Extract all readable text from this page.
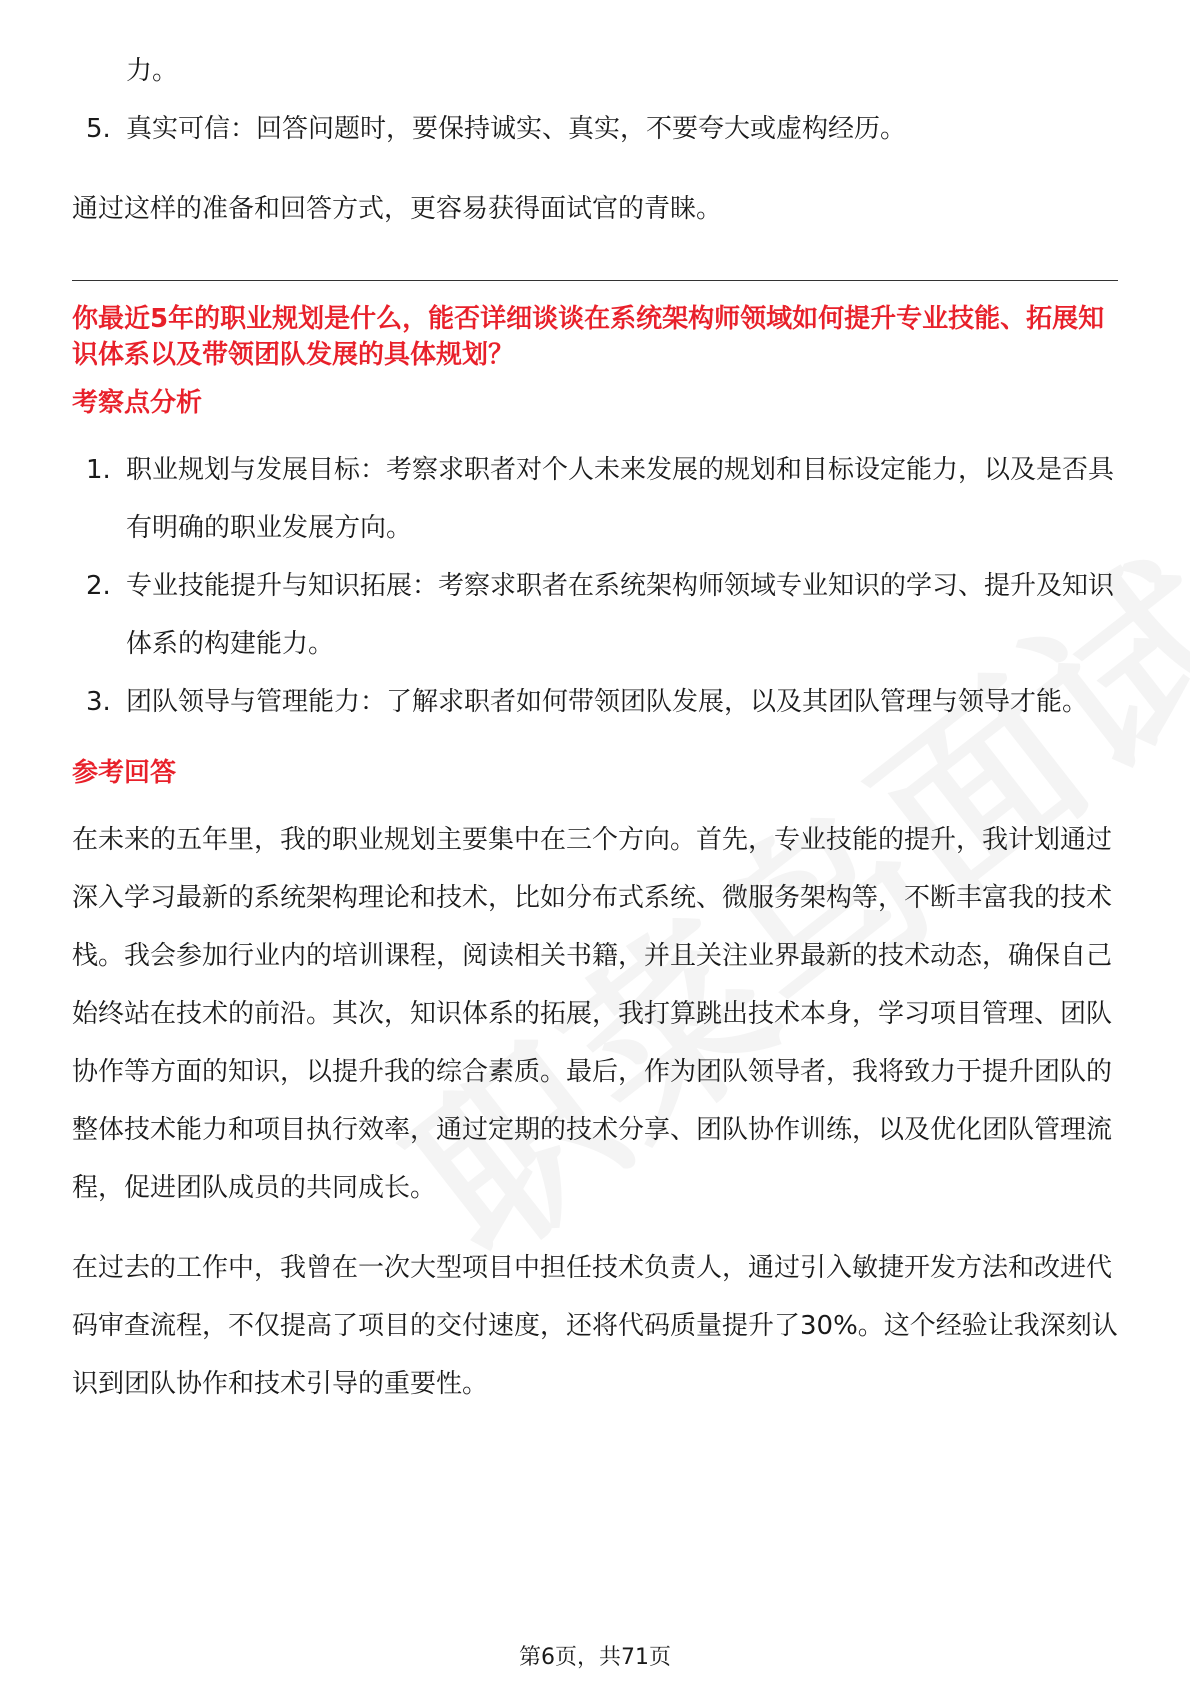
力。
5. 真实可信：回答问题时，要保持诚实、真实，不要夸大或虚构经历。

通过这样的准备和回答方式，更容易获得面试官的青睐。

你最近5年的职业规划是什么，能否详细谈谈在系统架构师领域如何提升专业技能、拓展知识体系以及带领团队发展的具体规划？

考察点分析
1. 职业规划与发展目标：考察求职者对个人未来发展的规划和目标设定能力，以及是否具有明确的职业发展方向。
2. 专业技能提升与知识拓展：考察求职者在系统架构师领域专业知识的学习、提升及知识体系的构建能力。
3. 团队领导与管理能力：了解求职者如何带领团队发展，以及其团队管理与领导才能。
参考回答

在未来的五年里，我的职业规划主要集中在三个方向。首先，专业技能的提升，我计划通过深入学习最新的系统架构理论和技术，比如分布式系统、微服务架构等，不断丰富我的技术栈。我会参加行业内的培训课程，阅读相关书籍，并且关注业界最新的技术动态，确保自己始终站在技术的前沿。其次，知识体系的拓展，我打算跳出技术本身，学习项目管理、团队协作等方面的知识，以提升我的综合素质。最后，作为团队领导者，我将致力于提升团队的整体技术能力和项目执行效率，通过定期的技术分享、团队协作训练，以及优化团队管理流程，促进团队成员的共同成长。

在过去的工作中，我曾在一次大型项目中担任技术负责人，通过引入敏捷开发方法和改进代码审查流程，不仅提高了项目的交付速度，还将代码质量提升了30%。这个经验让我深刻认识到团队协作和技术引导的重要性。

第6页，共71页
